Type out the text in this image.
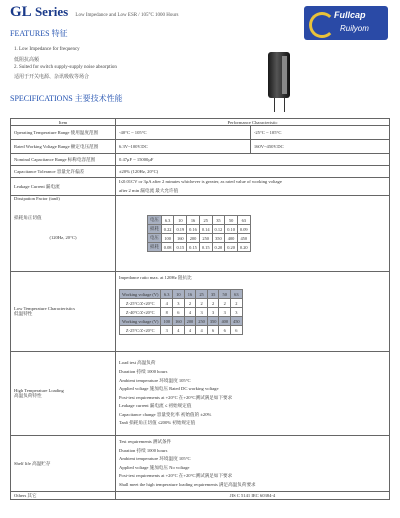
GL Series Low Impedance and Low ESR / 105°C 1000 Hours	Fullcap
Ruilyom
FEATURES 特征
1. Low Impedance for frequency
低阻抗高頻
2. Suited for switch supply-supply noise absorption
适用于开关电源、杂讯吸收等场合
SPECIFICATIONS 主要技术性能
Item	Performance Characteristic
Operating Temperature Range 使用温度范围	-40°C ~ 105°C	-25°C ~ 105°C
Rated Working Voltage Range 额定电压范围	6.3V~100V.DC	160V~450V.DC
Nominal Capacitance Range 标称电容范围	0.47μF ~ 15000μF
Capacitance Tolerance 容量允许偏差	±20% (120Hz, 20°C)
Leakage Current 漏电流	
I≤0.01CV or 3μA after 2 minutes whichever is greater, as rated value of working voltage
after 2 min 漏电流 最大允许值

Dissipation Factor (tanδ)
损耗角正切值
(120Hz, 20°C)

电压	6.3	10	16	25	35	50	63
损耗	0.22	0.19	0.16	0.14	0.12	0.10	0.09
电压	100	160	200	250	350	400	450
损耗	0.08	0.15	0.15	0.15	0.20	0.20	0.20

Low Temperature Characteristics
低温特性

Impedance ratio max. at 120Hz 阻抗比
Working voltage (V)	6.3	10	16	25	35	50	63
Z-25°C/Z+20°C	4	3	2	2	2	2	2
Z-40°C/Z+20°C	8	6	4	3	3	3	3
Working voltage (V)	100	160	200	250	350	400	450
Z-25°C/Z+20°C	3	4	4	4	6	6	6

High Temperature Loading
高温负荷特性

Load test 高温负荷
Duration 持续 1000 hours
Ambient temperature 环境温度 105°C
Applied voltage 施加电压 Rated DC working voltage
Post-test requirements at +20°C 在+20°C测试满足如下要求
Leakage current 漏电流 ≤ 初始规定值
Capacitance change 容量变化率 初始值的 ±20%
Tanδ 损耗角正切值 ≤200% 初始规定值

Shelf life 高温贮存	
Test requirements 测试条件
Duration 持续 1000 hours
Ambient temperature 环境温度 105°C
Applied voltage 施加电压 No voltage
Post-test requirements at +20°C 在+20°C测试满足如下要求
Shall meet the high temperature loading requirements 满足高温负荷要求

Others 其它	JIS C 5141 IEC 60384-4
